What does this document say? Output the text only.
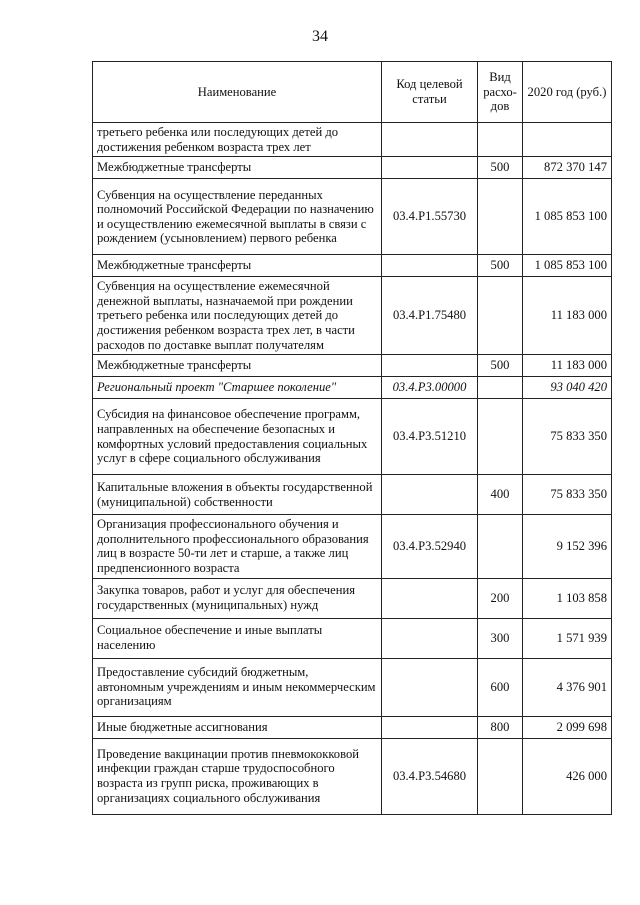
34
Наименование	Код целевой статьи	Вид расхо-дов	2020 год (руб.)
третьего ребенка или последующих детей до достижения ребенком возраста трех лет			
Межбюджетные трансферты		500	872 370 147
Субвенция на осуществление переданных полномочий Российской Федерации по назначению и осуществлению ежемесячной выплаты в связи с рождением (усыновлением) первого ребенка	03.4.Р1.55730		1 085 853 100
Межбюджетные трансферты		500	1 085 853 100
Субвенция на осуществление ежемесячной денежной выплаты, назначаемой при рождении третьего ребенка или последующих детей до достижения ребенком возраста трех лет, в части расходов по доставке выплат получателям	03.4.Р1.75480		11 183 000
Межбюджетные трансферты		500	11 183 000
Региональный проект "Старшее поколение"	03.4.Р3.00000		93 040 420
Субсидия на финансовое обеспечение программ, направленных на обеспечение безопасных и комфортных условий предоставления социальных услуг в сфере социального обслуживания	03.4.Р3.51210		75 833 350
Капитальные вложения в объекты государственной (муниципальной) собственности		400	75 833 350
Организация профессионального обучения и дополнительного профессионального образования лиц в возрасте 50-ти лет и старше, а также лиц предпенсионного возраста	03.4.Р3.52940		9 152 396
Закупка товаров, работ и услуг для обеспечения государственных (муниципальных) нужд		200	1 103 858
Социальное обеспечение и иные выплаты населению		300	1 571 939
Предоставление субсидий бюджетным, автономным учреждениям и иным некоммерческим организациям		600	4 376 901
Иные бюджетные ассигнования		800	2 099 698
Проведение вакцинации против пневмококковой инфекции граждан старше трудоспособного возраста из групп риска, проживающих в организациях социального обслуживания	03.4.Р3.54680		426 000
